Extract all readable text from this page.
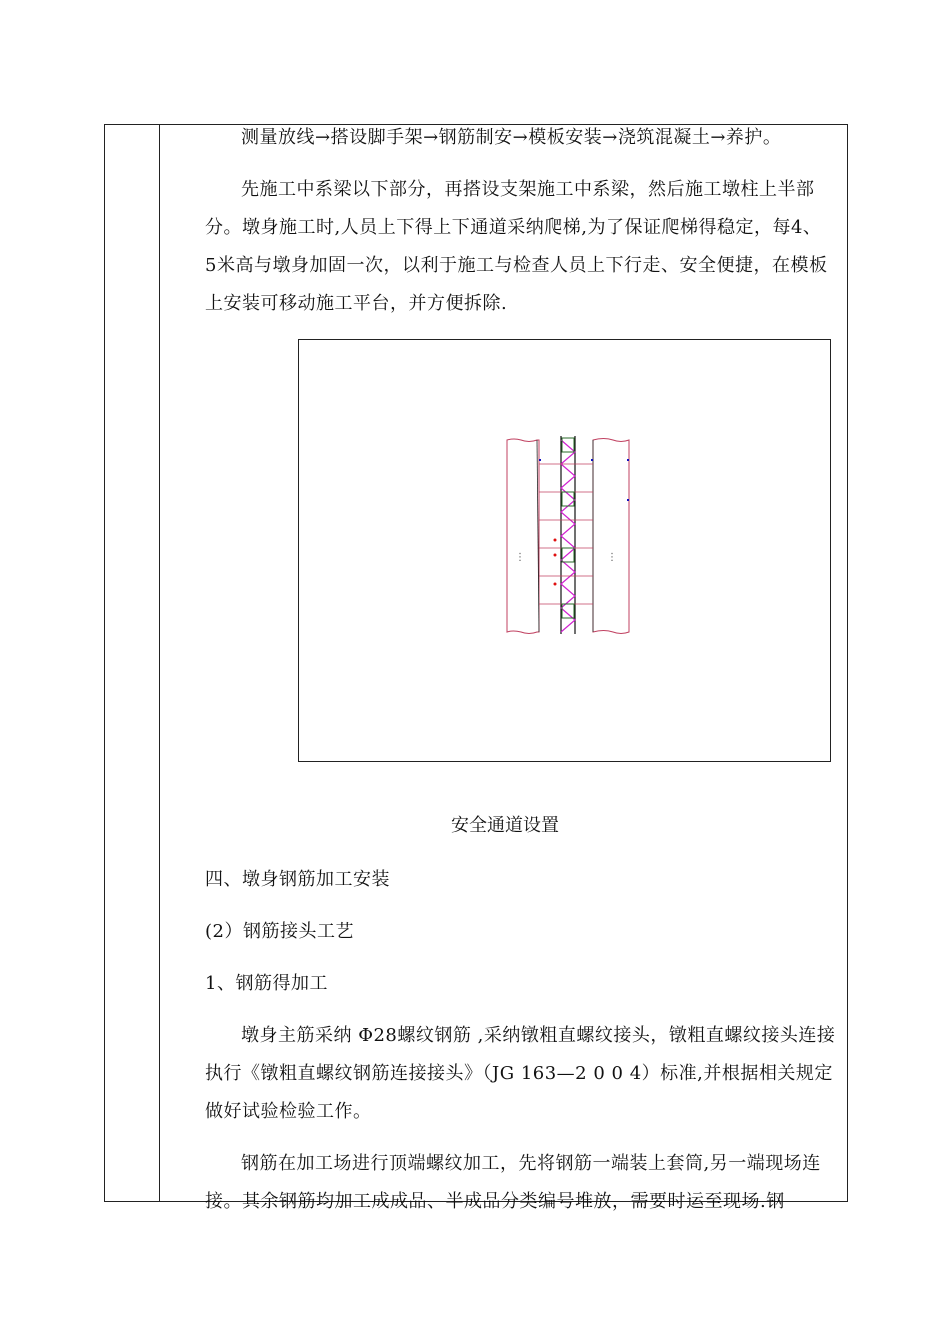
测量放线→搭设脚手架→钢筋制安→模板安装→浇筑混凝土→养护。

先施工中系梁以下部分，再搭设支架施工中系梁，然后施工墩柱上半部分。墩身施工时,人员上下得上下通道采纳爬梯,为了保证爬梯得稳定，每4、 5米高与墩身加固一次，以利于施工与检查人员上下行走、安全便捷，在模板上安装可移动施工平台，并方便拆除.

⋮	⋮
安全通道设置

四、墩身钢筋加工安装

(2）钢筋接头工艺

1、钢筋得加工

墩身主筋采纳 Φ28螺纹钢筋 ,采纳镦粗直螺纹接头，镦粗直螺纹接头连接执行《镦粗直螺纹钢筋连接接头》（JG 163—2 0 0 4）标准,并根据相关规定做好试验检验工作。

钢筋在加工场进行顶端螺纹加工，先将钢筋一端装上套筒,另一端现场连接。其余钢筋均加工成成品、半成品分类编号堆放，需要时运至现场.钢
